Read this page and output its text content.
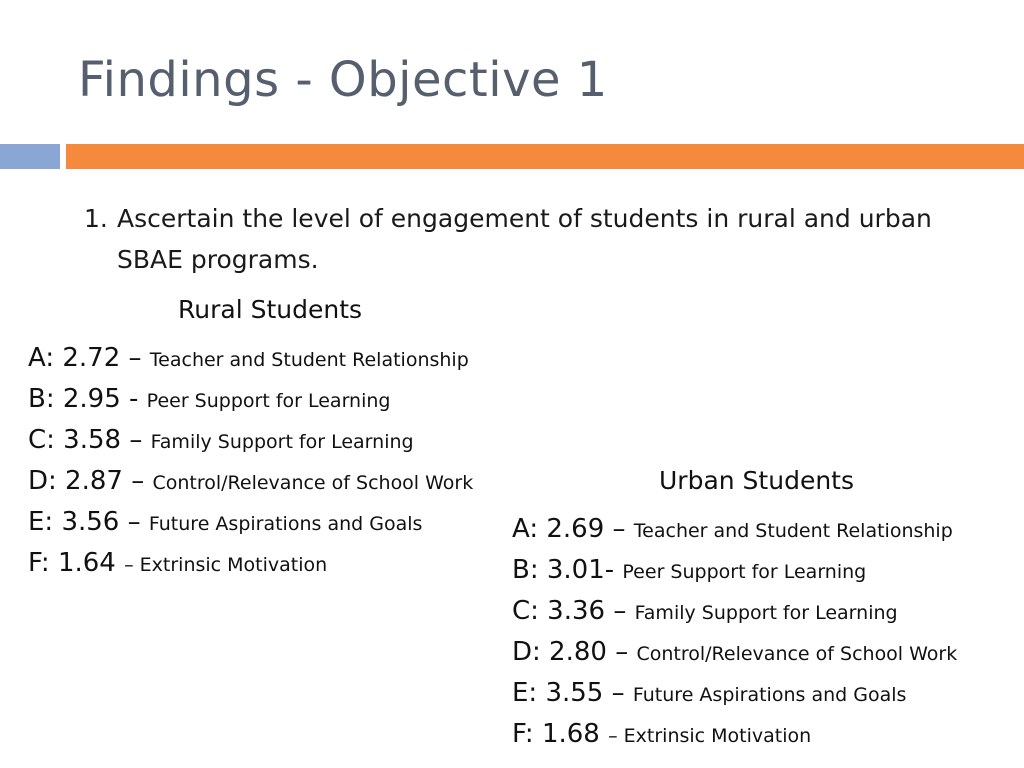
Findings - Objective 1
1. Ascertain the level of engagement of students in rural and urban SBAE programs.
Rural Students
A: 2.72 – Teacher and Student Relationship
B: 2.95 - Peer Support for Learning
C: 3.58 – Family Support for Learning
D: 2.87 – Control/Relevance of School Work
E: 3.56 – Future Aspirations and Goals
F: 1.64 – Extrinsic Motivation
Urban Students
A: 2.69 – Teacher and Student Relationship
B: 3.01- Peer Support for Learning
C: 3.36 – Family Support for Learning
D: 2.80 – Control/Relevance of School Work
E: 3.55 – Future Aspirations and Goals
F: 1.68 – Extrinsic Motivation
